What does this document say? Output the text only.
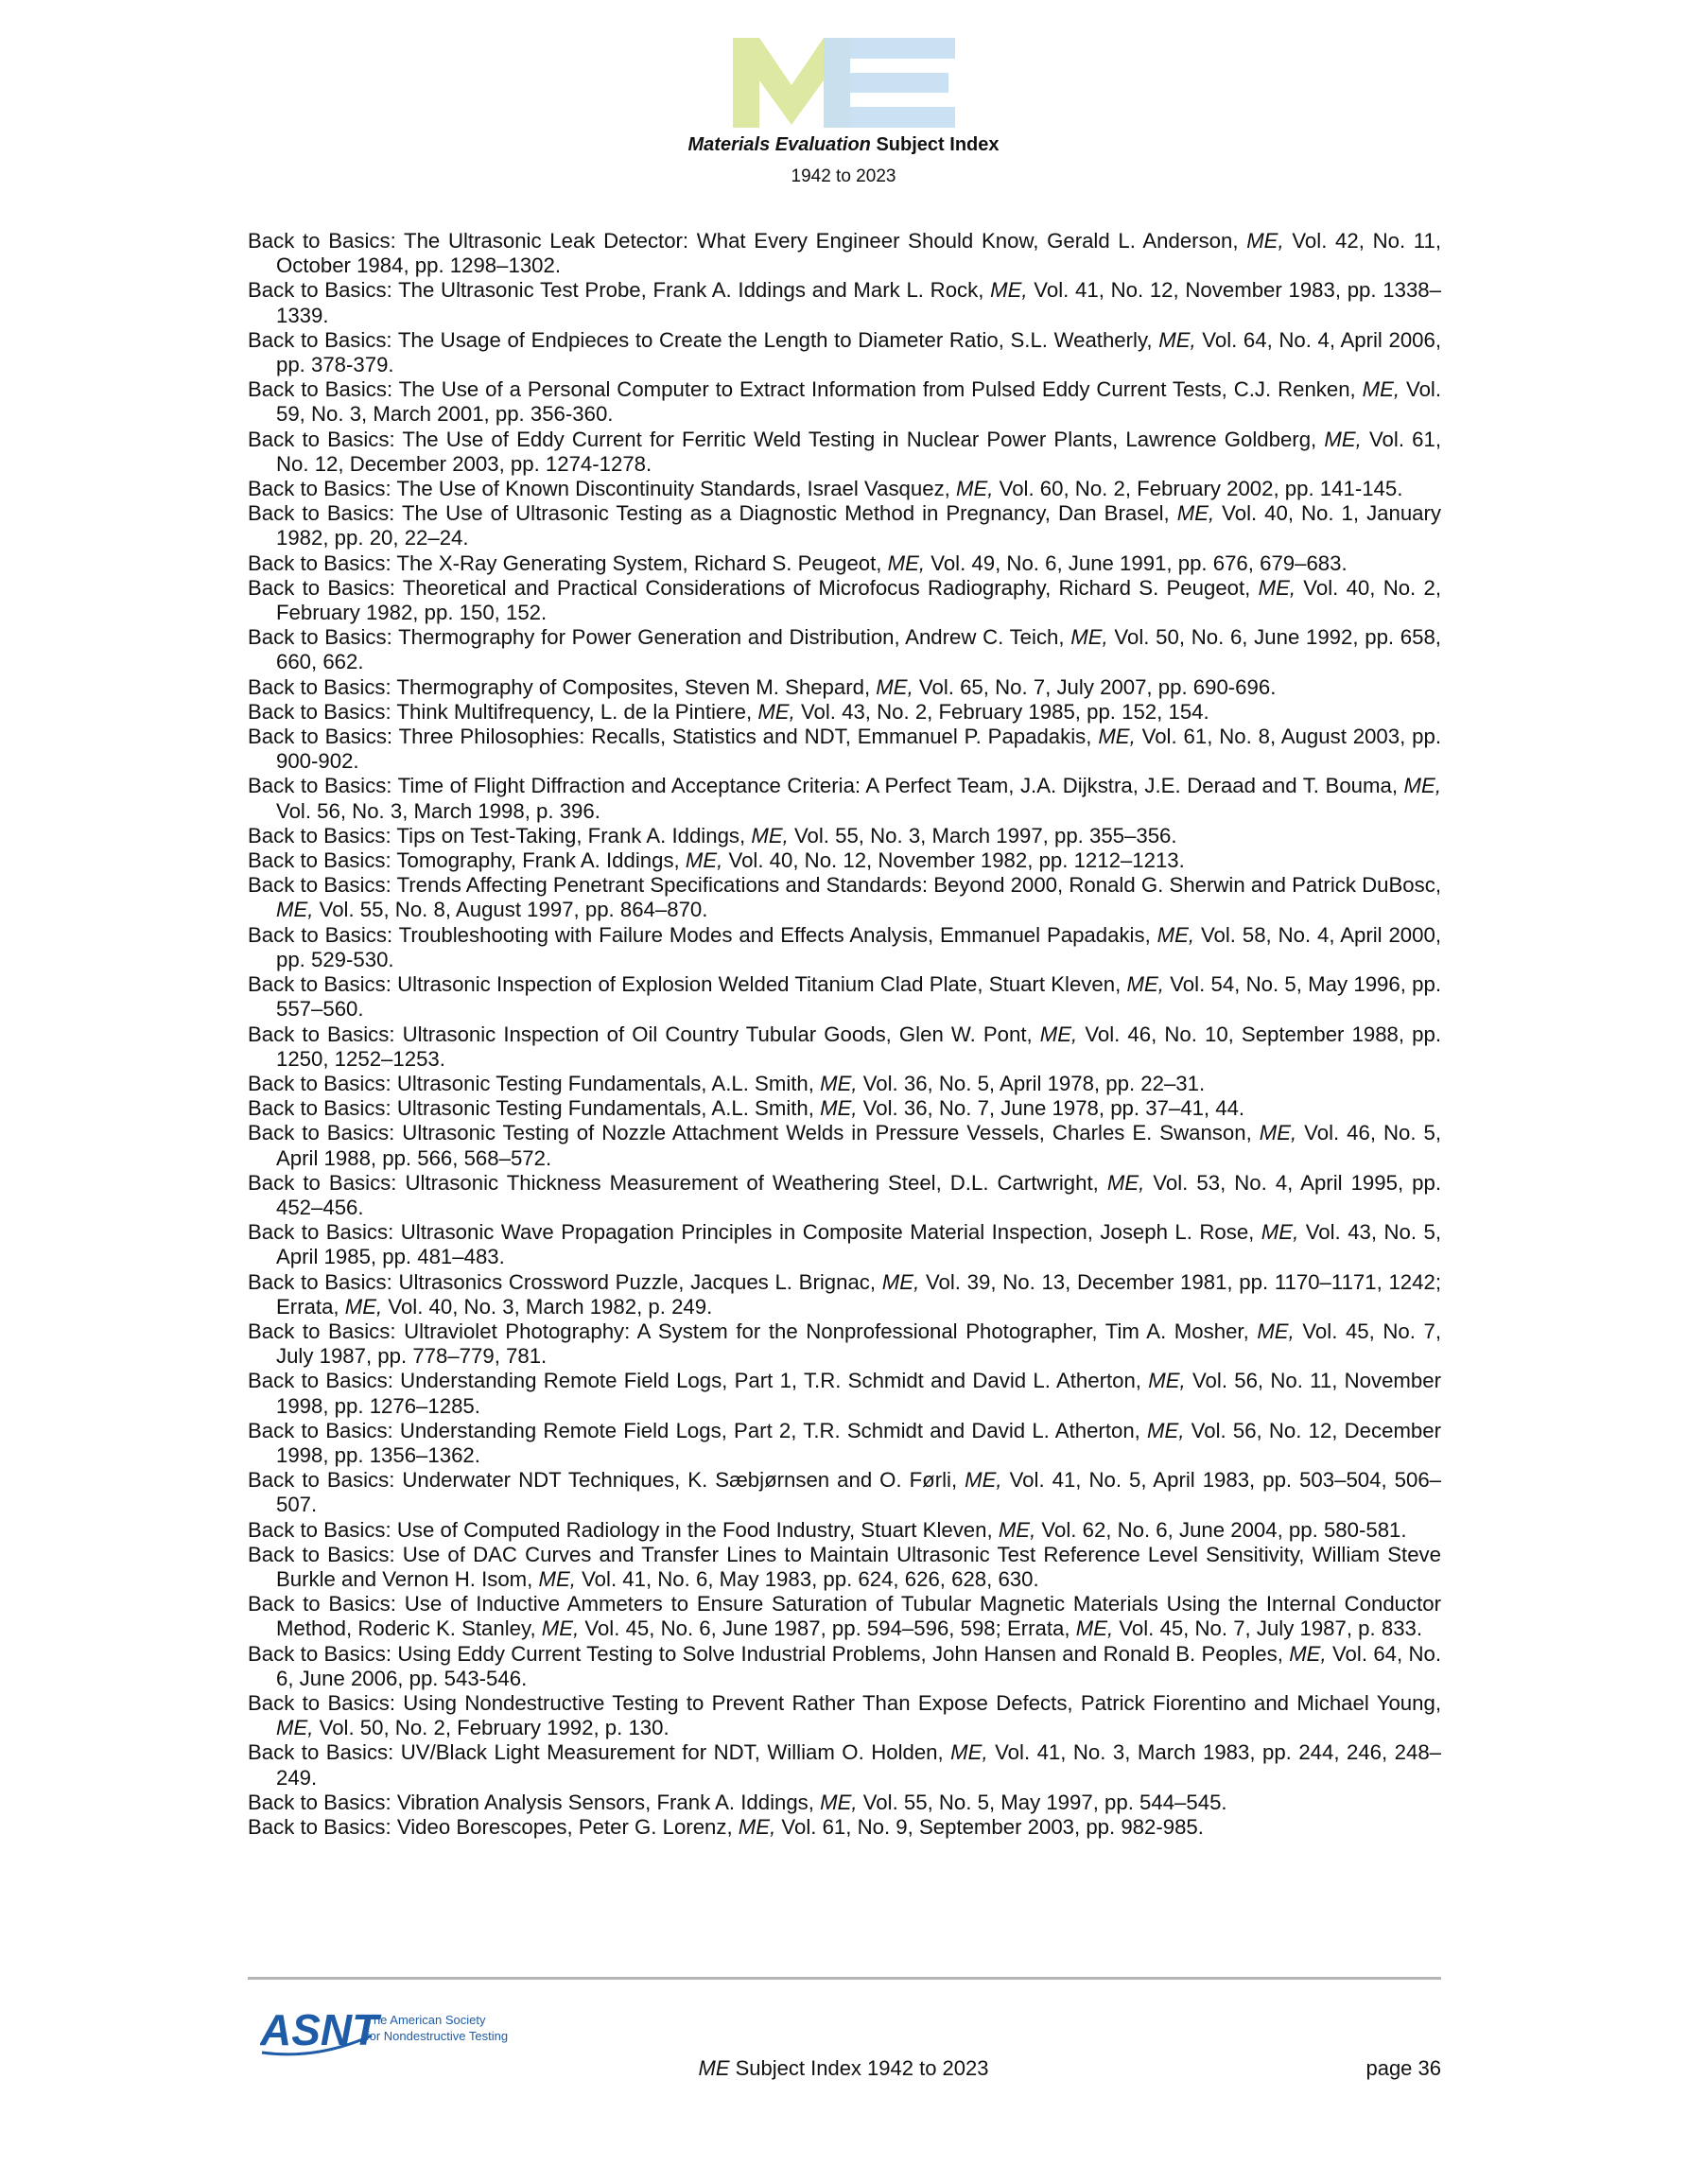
Materials Evaluation Subject Index
1942 to 2023
Back to Basics: The Ultrasonic Leak Detector: What Every Engineer Should Know, Gerald L. Anderson, ME, Vol. 42, No. 11, October 1984, pp. 1298–1302.
Back to Basics: The Ultrasonic Test Probe, Frank A. Iddings and Mark L. Rock, ME, Vol. 41, No. 12, November 1983, pp. 1338–1339.
Back to Basics: The Usage of Endpieces to Create the Length to Diameter Ratio, S.L. Weatherly, ME, Vol. 64, No. 4, April 2006, pp. 378-379.
Back to Basics: The Use of a Personal Computer to Extract Information from Pulsed Eddy Current Tests, C.J. Renken, ME, Vol. 59, No. 3, March 2001, pp. 356-360.
Back to Basics: The Use of Eddy Current for Ferritic Weld Testing in Nuclear Power Plants, Lawrence Goldberg, ME, Vol. 61, No. 12, December 2003, pp. 1274-1278.
Back to Basics: The Use of Known Discontinuity Standards, Israel Vasquez, ME, Vol. 60, No. 2, February 2002, pp. 141-145.
Back to Basics: The Use of Ultrasonic Testing as a Diagnostic Method in Pregnancy, Dan Brasel, ME, Vol. 40, No. 1, January 1982, pp. 20, 22–24.
Back to Basics: The X-Ray Generating System, Richard S. Peugeot, ME, Vol. 49, No. 6, June 1991, pp. 676, 679–683.
Back to Basics: Theoretical and Practical Considerations of Microfocus Radiography, Richard S. Peugeot, ME, Vol. 40, No. 2, February 1982, pp. 150, 152.
Back to Basics: Thermography for Power Generation and Distribution, Andrew C. Teich, ME, Vol. 50, No. 6, June 1992, pp. 658, 660, 662.
Back to Basics: Thermography of Composites, Steven M. Shepard, ME, Vol. 65, No. 7, July 2007, pp. 690-696.
Back to Basics: Think Multifrequency, L. de la Pintiere, ME, Vol. 43, No. 2, February 1985, pp. 152, 154.
Back to Basics: Three Philosophies: Recalls, Statistics and NDT, Emmanuel P. Papadakis, ME, Vol. 61, No. 8, August 2003, pp. 900-902.
Back to Basics: Time of Flight Diffraction and Acceptance Criteria: A Perfect Team, J.A. Dijkstra, J.E. Deraad and T. Bouma, ME, Vol. 56, No. 3, March 1998, p. 396.
Back to Basics: Tips on Test-Taking, Frank A. Iddings, ME, Vol. 55, No. 3, March 1997, pp. 355–356.
Back to Basics: Tomography, Frank A. Iddings, ME, Vol. 40, No. 12, November 1982, pp. 1212–1213.
Back to Basics: Trends Affecting Penetrant Specifications and Standards: Beyond 2000, Ronald G. Sherwin and Patrick DuBosc, ME, Vol. 55, No. 8, August 1997, pp. 864–870.
Back to Basics: Troubleshooting with Failure Modes and Effects Analysis, Emmanuel Papadakis, ME, Vol. 58, No. 4, April 2000, pp. 529-530.
Back to Basics: Ultrasonic Inspection of Explosion Welded Titanium Clad Plate, Stuart Kleven, ME, Vol. 54, No. 5, May 1996, pp. 557–560.
Back to Basics: Ultrasonic Inspection of Oil Country Tubular Goods, Glen W. Pont, ME, Vol. 46, No. 10, September 1988, pp. 1250, 1252–1253.
Back to Basics: Ultrasonic Testing Fundamentals, A.L. Smith, ME, Vol. 36, No. 5, April 1978, pp. 22–31.
Back to Basics: Ultrasonic Testing Fundamentals, A.L. Smith, ME, Vol. 36, No. 7, June 1978, pp. 37–41, 44.
Back to Basics: Ultrasonic Testing of Nozzle Attachment Welds in Pressure Vessels, Charles E. Swanson, ME, Vol. 46, No. 5, April 1988, pp. 566, 568–572.
Back to Basics: Ultrasonic Thickness Measurement of Weathering Steel, D.L. Cartwright, ME, Vol. 53, No. 4, April 1995, pp. 452–456.
Back to Basics: Ultrasonic Wave Propagation Principles in Composite Material Inspection, Joseph L. Rose, ME, Vol. 43, No. 5, April 1985, pp. 481–483.
Back to Basics: Ultrasonics Crossword Puzzle, Jacques L. Brignac, ME, Vol. 39, No. 13, December 1981, pp. 1170–1171, 1242; Errata, ME, Vol. 40, No. 3, March 1982, p. 249.
Back to Basics: Ultraviolet Photography: A System for the Nonprofessional Photographer, Tim A. Mosher, ME, Vol. 45, No. 7, July 1987, pp. 778–779, 781.
Back to Basics: Understanding Remote Field Logs, Part 1, T.R. Schmidt and David L. Atherton, ME, Vol. 56, No. 11, November 1998, pp. 1276–1285.
Back to Basics: Understanding Remote Field Logs, Part 2, T.R. Schmidt and David L. Atherton, ME, Vol. 56, No. 12, December 1998, pp. 1356–1362.
Back to Basics: Underwater NDT Techniques, K. Sæbjørnsen and O. Førli, ME, Vol. 41, No. 5, April 1983, pp. 503–504, 506–507.
Back to Basics: Use of Computed Radiology in the Food Industry, Stuart Kleven, ME, Vol. 62, No. 6, June 2004, pp. 580-581.
Back to Basics: Use of DAC Curves and Transfer Lines to Maintain Ultrasonic Test Reference Level Sensitivity, William Steve Burkle and Vernon H. Isom, ME, Vol. 41, No. 6, May 1983, pp. 624, 626, 628, 630.
Back to Basics: Use of Inductive Ammeters to Ensure Saturation of Tubular Magnetic Materials Using the Internal Conductor Method, Roderic K. Stanley, ME, Vol. 45, No. 6, June 1987, pp. 594–596, 598; Errata, ME, Vol. 45, No. 7, July 1987, p. 833.
Back to Basics: Using Eddy Current Testing to Solve Industrial Problems, John Hansen and Ronald B. Peoples, ME, Vol. 64, No. 6, June 2006, pp. 543-546.
Back to Basics: Using Nondestructive Testing to Prevent Rather Than Expose Defects, Patrick Fiorentino and Michael Young, ME, Vol. 50, No. 2, February 1992, p. 130.
Back to Basics: UV/Black Light Measurement for NDT, William O. Holden, ME, Vol. 41, No. 3, March 1983, pp. 244, 246, 248–249.
Back to Basics: Vibration Analysis Sensors, Frank A. Iddings, ME, Vol. 55, No. 5, May 1997, pp. 544–545.
Back to Basics: Video Borescopes, Peter G. Lorenz, ME, Vol. 61, No. 9, September 2003, pp. 982-985.
ASNT
The American Society
for Nondestructive Testing
ME Subject Index 1942 to 2023	page 36
